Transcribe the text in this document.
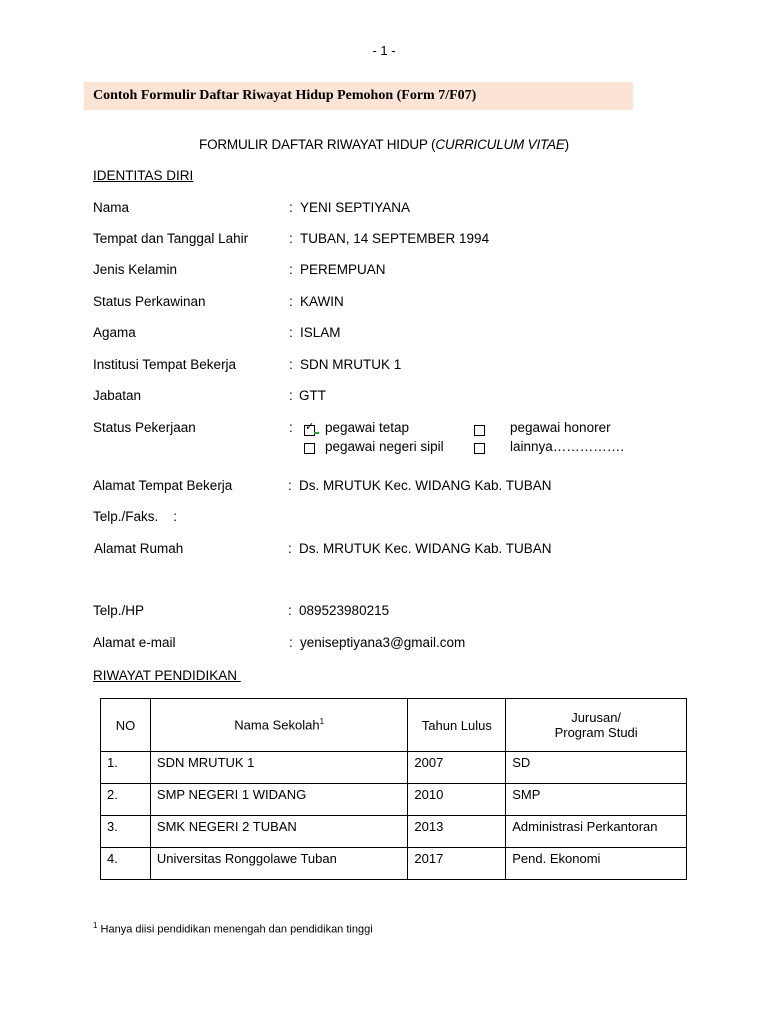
- 1 -
Contoh Formulir Daftar Riwayat Hidup Pemohon (Form 7/F07)
FORMULIR DAFTAR RIWAYAT HIDUP (CURRICULUM VITAE)
IDENTITAS DIRI
Nama	: YENI SEPTIYANA
Tempat dan Tanggal Lahir	: TUBAN, 14 SEPTEMBER 1994
Jenis Kelamin	: PEREMPUAN
Status Perkawinan	: KAWIN
Agama	: ISLAM
Institusi Tempat Bekerja	: SDN MRUTUK 1
Jabatan	: GTT
Status Pekerjaan	: ✓ pegawai tetap	pegawai honorer
pegawai negeri sipil	lainnya…………….
Alamat Tempat Bekerja	: Ds. MRUTUK Kec. WIDANG Kab. TUBAN
Telp./Faks.    :
Alamat Rumah	: Ds. MRUTUK Kec. WIDANG Kab. TUBAN
Telp./HP	: 089523980215
Alamat e-mail	: yeniseptiyana3@gmail.com
RIWAYAT PENDIDIKAN
NO	Nama Sekolah$^1$	Tahun Lulus	Jurusan/
Program Studi

1.	SDN MRUTUK 1	2007	SD
2.	SMP NEGERI 1 WIDANG	2010	SMP
3.	SMK NEGERI 2 TUBAN	2013	Administrasi Perkantoran
4.	Universitas Ronggolawe Tuban	2017	Pend. Ekonomi
$^1$ Hanya diisi pendidikan menengah dan pendidikan tinggi
